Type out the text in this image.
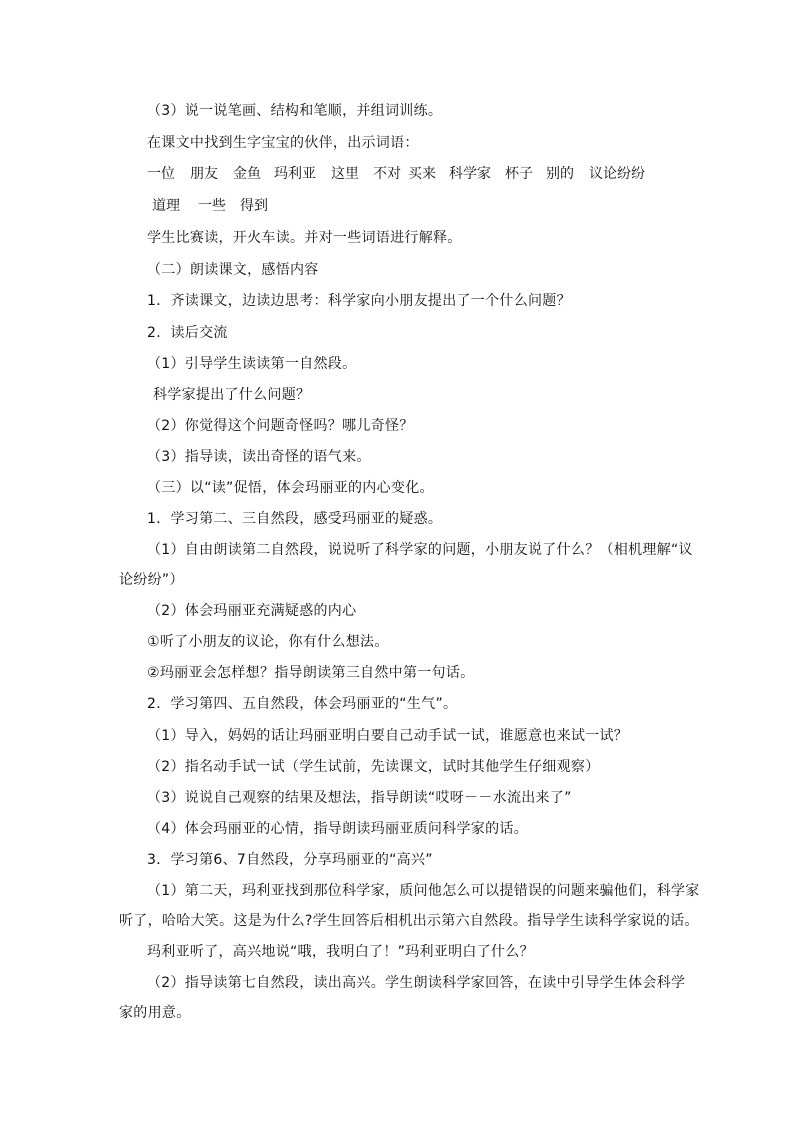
（3）说一说笔画、结构和笔顺，并组词训练。
在课文中找到生字宝宝的伙伴，出示词语：
一位 朋友 金鱼 玛利亚 这里 不对 买来 科学家 杯子 别的 议论纷纷
道理 一些 得到
学生比赛读，开火车读。并对一些词语进行解释。
（二）朗读课文，感悟内容
1．齐读课文，边读边思考：科学家向小朋友提出了一个什么问题？
2．读后交流
（1）引导学生读读第一自然段。
科学家提出了什么问题？
（2）你觉得这个问题奇怪吗？哪儿奇怪？
（3）指导读，读出奇怪的语气来。
（三）以“读”促悟，体会玛丽亚的内心变化。
1．学习第二、三自然段，感受玛丽亚的疑惑。
（1）自由朗读第二自然段，说说听了科学家的问题，小朋友说了什么？（相机理解“议
论纷纷”）
（2）体会玛丽亚充满疑惑的内心
①听了小朋友的议论，你有什么想法。
②玛丽亚会怎样想？指导朗读第三自然中第一句话。
2．学习第四、五自然段，体会玛丽亚的“生气”。
（1）导入，妈妈的话让玛丽亚明白要自己动手试一试，谁愿意也来试一试？
（2）指名动手试一试（学生试前，先读课文，试时其他学生仔细观察）
（3）说说自己观察的结果及想法，指导朗读“哎呀－－水流出来了”
（4）体会玛丽亚的心情，指导朗读玛丽亚质问科学家的话。
3．学习第6、7自然段，分享玛丽亚的“高兴”
（1）第二天，玛利亚找到那位科学家，质问他怎么可以提错误的问题来骗他们，科学家
听了，哈哈大笑。这是为什么?学生回答后相机出示第六自然段。指导学生读科学家说的话。
玛利亚听了，高兴地说“哦，我明白了！”玛利亚明白了什么？
（2）指导读第七自然段，读出高兴。学生朗读科学家回答，在读中引导学生体会科学
家的用意。
